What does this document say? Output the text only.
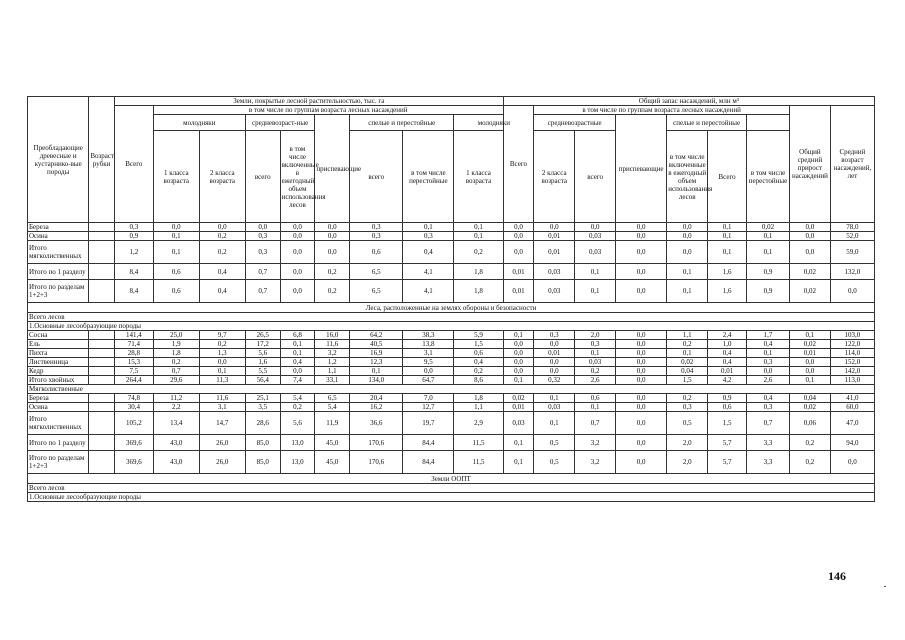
Преобладающие древесные и кустарнико-вые породы	Возраст рубки	Земли, покрытые лесной растительностью, тыс. га									Общий запас насаждений, млн м³								
		Всего	в том числе по группам возраста лесных насаждений								Всего	в том числе по группам возраста лесных насаждений						Общий средний прирост насаждений	Средний возраст насаждений, лет
			молодняки		средневозраст-ные		приспевающие	спелые и перестойные		молодняки		средневозрастные		приспевающие	спелые и перестойные				
			1 класса возраста	2 класса возраста	всего	в том числе включенные в ежегодный объем использования лесов		всего	в том числе перестойные	1 класса возраста		2 класса возраста	всего		в том числе включенные в ежегодный объем использования лесов	Всего	в том числе перестойные		
Береза		0,3	0,0	0,0	0,0	0,0	0,0	0,3	0,1	0,1	0,0	0,0	0,0	0,0	0,0	0,1	0,02	0,0	78,0
Осина		0,9	0,1	0,2	0,3	0,0	0,0	0,3	0,3	0,1	0,0	0,01	0,03	0,0	0,0	0,1	0,1	0,0	52,0
Итого мягколиственных		1,2	0,1	0,2	0,3	0,0	0,0	0,6	0,4	0,2	0,0	0,01	0,03	0,0	0,0	0,1	0,1	0,0	59,0
Итого по 1 разделу		8,4	0,6	0,4	0,7	0,0	0,2	6,5	4,1	1,8	0,01	0,03	0,1	0,0	0,1	1,6	0,9	0,02	132,0
Итого по разделам 1+2+3		8,4	0,6	0,4	0,7	0,0	0,2	6,5	4,1	1,8	0,01	0,03	0,1	0,0	0,1	1,6	0,9	0,02	0,0
Леса, расположенные на землях обороны и безопасности																			
Всего лесов																			
1.Основные лесообразующие породы																			
Сосна		141,4	25,0	9,7	26,5	6,8	16,0	64,2	38,3	5,9	0,1	0,3	2,0	0,0	1,1	2,4	1,7	0,1	103,0
Ель		71,4	1,9	0,2	17,2	0,1	11,6	40,5	13,8	1,5	0,0	0,0	0,3	0,0	0,2	1,0	0,4	0,02	122,0
Пихта		28,8	1,8	1,3	5,6	0,1	3,2	16,9	3,1	0,6	0,0	0,01	0,1	0,0	0,1	0,4	0,1	0,01	114,0
Лиственница		15,3	0,2	0,0	1,6	0,4	1,2	12,3	9,5	0,4	0,0	0,0	0,03	0,0	0,02	0,4	0,3	0,0	152,0
Кедр		7,5	0,7	0,1	5,5	0,0	1,1	0,1	0,0	0,2	0,0	0,0	0,2	0,0	0,04	0,01	0,0	0,0	142,0
Итого хвойных		264,4	29,6	11,3	56,4	7,4	33,1	134,0	64,7	8,6	0,1	0,32	2,6	0,0	1,5	4,2	2,6	0,1	113,0
Мягколиственные																			
Береза		74,8	11,2	11,6	25,1	5,4	6,5	20,4	7,0	1,8	0,02	0,1	0,6	0,0	0,2	0,9	0,4	0,04	41,0
Осина		30,4	2,2	3,1	3,5	0,2	5,4	16,2	12,7	1,1	0,01	0,03	0,1	0,0	0,3	0,6	0,3	0,02	60,0
Итого мягколиственных		105,2	13,4	14,7	28,6	5,6	11,9	36,6	19,7	2,9	0,03	0,1	0,7	0,0	0,5	1,5	0,7	0,06	47,0
Итого по 1 разделу		369,6	43,0	26,0	85,0	13,0	45,0	170,6	84,4	11,5	0,1	0,5	3,2	0,0	2,0	5,7	3,3	0,2	94,0
Итого по разделам 1+2+3		369,6	43,0	26,0	85,0	13,0	45,0	170,6	84,4	11,5	0,1	0,5	3,2	0,0	2,0	5,7	3,3	0,2	0,0
Земли ООПТ																			
Всего лесов																			
1.Основные лесообразующие породы																			
146
